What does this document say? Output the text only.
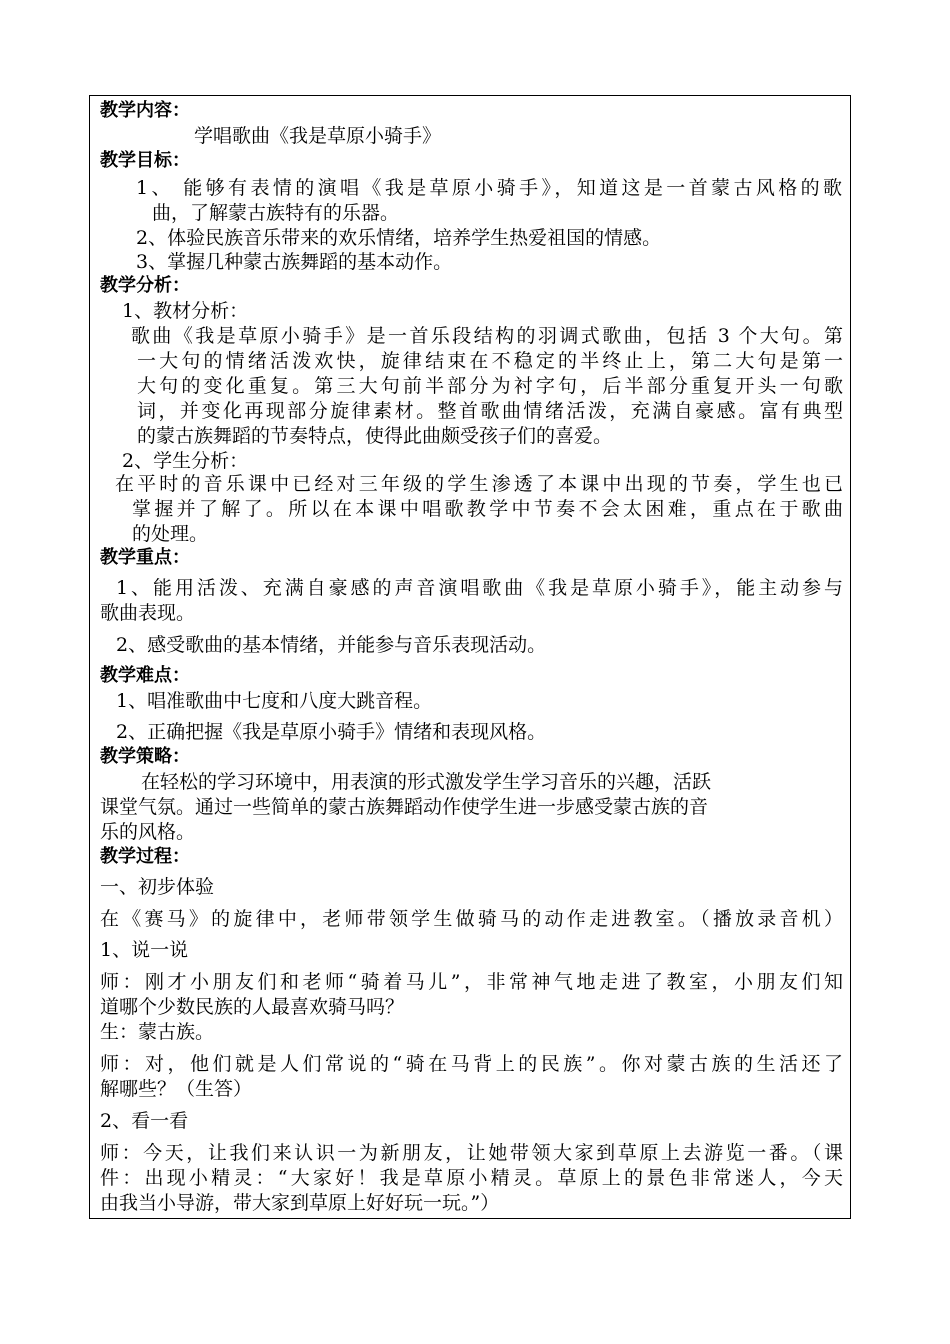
教学内容：
学唱歌曲《我是草原小骑手》
教学目标：
1、 能够有表情的演唱《我是草原小骑手》，知道这是一首蒙古风格的歌
曲，了解蒙古族特有的乐器。
2、体验民族音乐带来的欢乐情绪，培养学生热爱祖国的情感。
3、掌握几种蒙古族舞蹈的基本动作。
教学分析：
1、教材分析：
歌曲《我是草原小骑手》是一首乐段结构的羽调式歌曲，包括 3 个大句。第
一大句的情绪活泼欢快，旋律结束在不稳定的半终止上，第二大句是第一
大句的变化重复。第三大句前半部分为衬字句，后半部分重复开头一句歌
词，并变化再现部分旋律素材。整首歌曲情绪活泼，充满自豪感。富有典型
的蒙古族舞蹈的节奏特点，使得此曲颇受孩子们的喜爱。
2、学生分析：
在平时的音乐课中已经对三年级的学生渗透了本课中出现的节奏，学生也已
掌握并了解了。所以在本课中唱歌教学中节奏不会太困难，重点在于歌曲
的处理。
教学重点：
1、能用活泼、充满自豪感的声音演唱歌曲《我是草原小骑手》，能主动参与
歌曲表现。
2、感受歌曲的基本情绪，并能参与音乐表现活动。
教学难点：
1、唱准歌曲中七度和八度大跳音程。
2、正确把握《我是草原小骑手》情绪和表现风格。
教学策略：
在轻松的学习环境中，用表演的形式激发学生学习音乐的兴趣，活跃
课堂气氛。通过一些简单的蒙古族舞蹈动作使学生进一步感受蒙古族的音
乐的风格。
教学过程：
一、初步体验
在《赛马》的旋律中，老师带领学生做骑马的动作走进教室。（播放录音机）
1、说一说
师：刚才小朋友们和老师“骑着马儿”，非常神气地走进了教室，小朋友们知
道哪个少数民族的人最喜欢骑马吗？
生：蒙古族。
师：对，他们就是人们常说的“骑在马背上的民族”。你对蒙古族的生活还了
解哪些？（生答）
2、看一看
师：今天，让我们来认识一为新朋友，让她带领大家到草原上去游览一番。（课
件：出现小精灵：“大家好！我是草原小精灵。草原上的景色非常迷人，今天
由我当小导游，带大家到草原上好好玩一玩。”）
